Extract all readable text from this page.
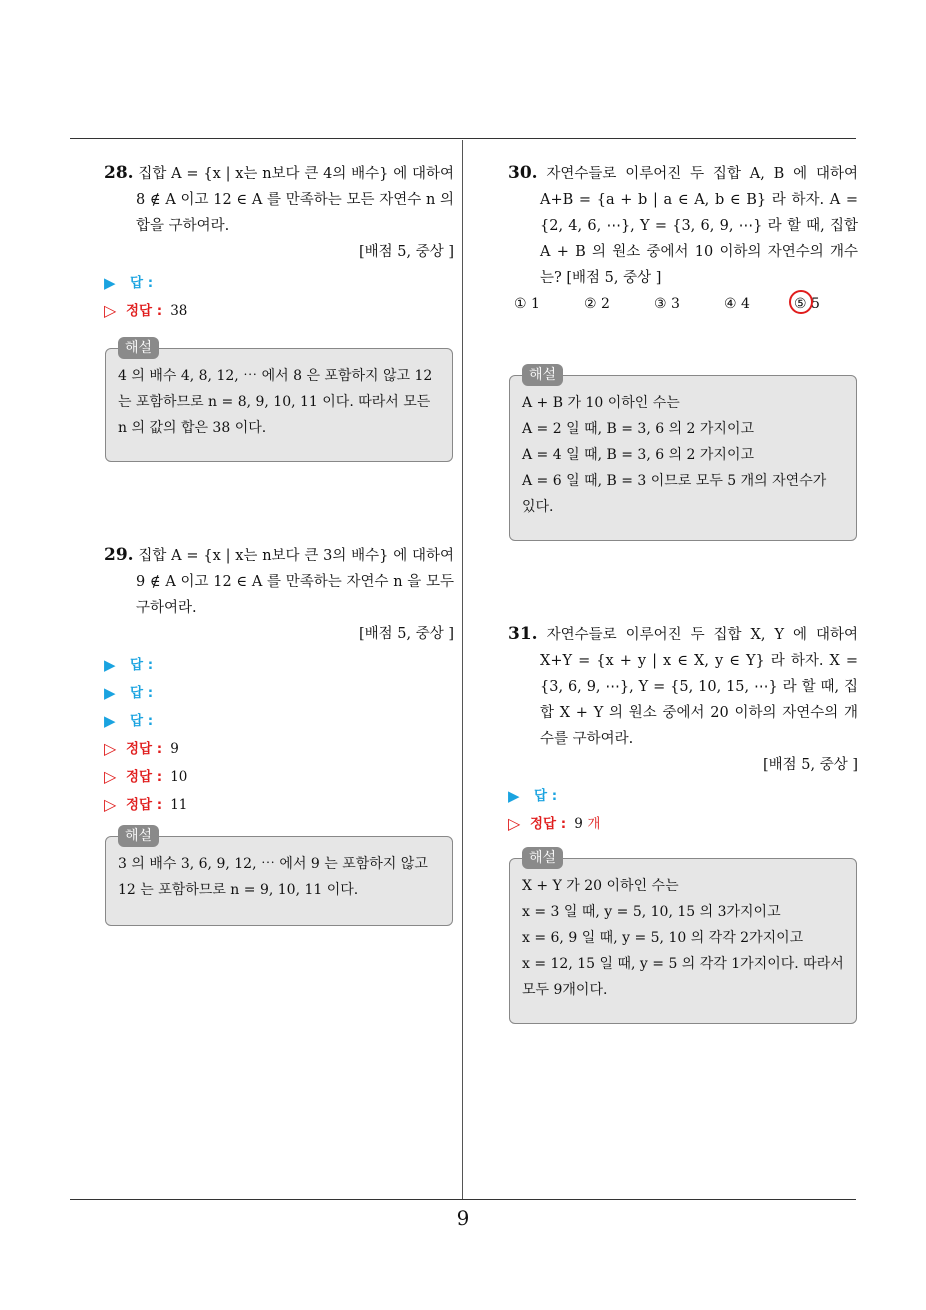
28. 집합 A = {x | x는 n보다 큰 4의 배수} 에 대하여 8 ∉ A 이고 12 ∈ A 를 만족하는 모든 자연수 n 의 합을 구하여라.

[배점 5, 중상 ]
▶	답 :
▷ 정답 : 38
해설
4 의 배수 4, 8, 12, ⋯ 에서 8 은 포함하지 않고 12 는 포함하므로 n = 8, 9, 10, 11 이다. 따라서 모든 n 의 값의 합은 38 이다.

29. 집합 A = {x | x는 n보다 큰 3의 배수} 에 대하여 9 ∉ A 이고 12 ∈ A 를 만족하는 자연수 n 을 모두 구하여라.

[배점 5, 중상 ]
▶	답 :
▶	답 :
▶	답 :
▷ 정답 : 9
▷ 정답 : 10
▷ 정답 : 11
해설
3 의 배수 3, 6, 9, 12, ⋯ 에서 9 는 포함하지 않고 12 는 포함하므로 n = 9, 10, 11 이다.

30. 자연수들로 이루어진 두 집합 A, B 에 대하여 A+B = {a + b | a ∈ A, b ∈ B} 라 하자. A = {2, 4, 6, ⋯}, Y = {3, 6, 9, ⋯} 라 할 때, 집합 A + B 의 원소 중에서 10 이하의 자연수의 개수는? [배점 5, 중상 ]

① 1	② 2	③ 3	④ 4	⑤ 5
해설
A + B 가 10 이하인 수는
A = 2 일 때, B = 3, 6 의 2 가지이고
A = 4 일 때, B = 3, 6 의 2 가지이고
A = 6 일 때, B = 3 이므로 모두 5 개의 자연수가 있다.

31. 자연수들로 이루어진 두 집합 X, Y 에 대하여 X+Y = {x + y | x ∈ X, y ∈ Y} 라 하자. X = {3, 6, 9, ⋯}, Y = {5, 10, 15, ⋯} 라 할 때, 집합 X + Y 의 원소 중에서 20 이하의 자연수의 개수를 구하여라.

[배점 5, 중상 ]
▶	답 :
▷ 정답 : 9
개
해설
X + Y 가 20 이하인 수는
x = 3 일 때, y = 5, 10, 15 의 3가지이고
x = 6, 9 일 때, y = 5, 10 의 각각 2가지이고
x = 12, 15 일 때, y = 5 의 각각 1가지이다. 따라서 모두 9개이다.
9
